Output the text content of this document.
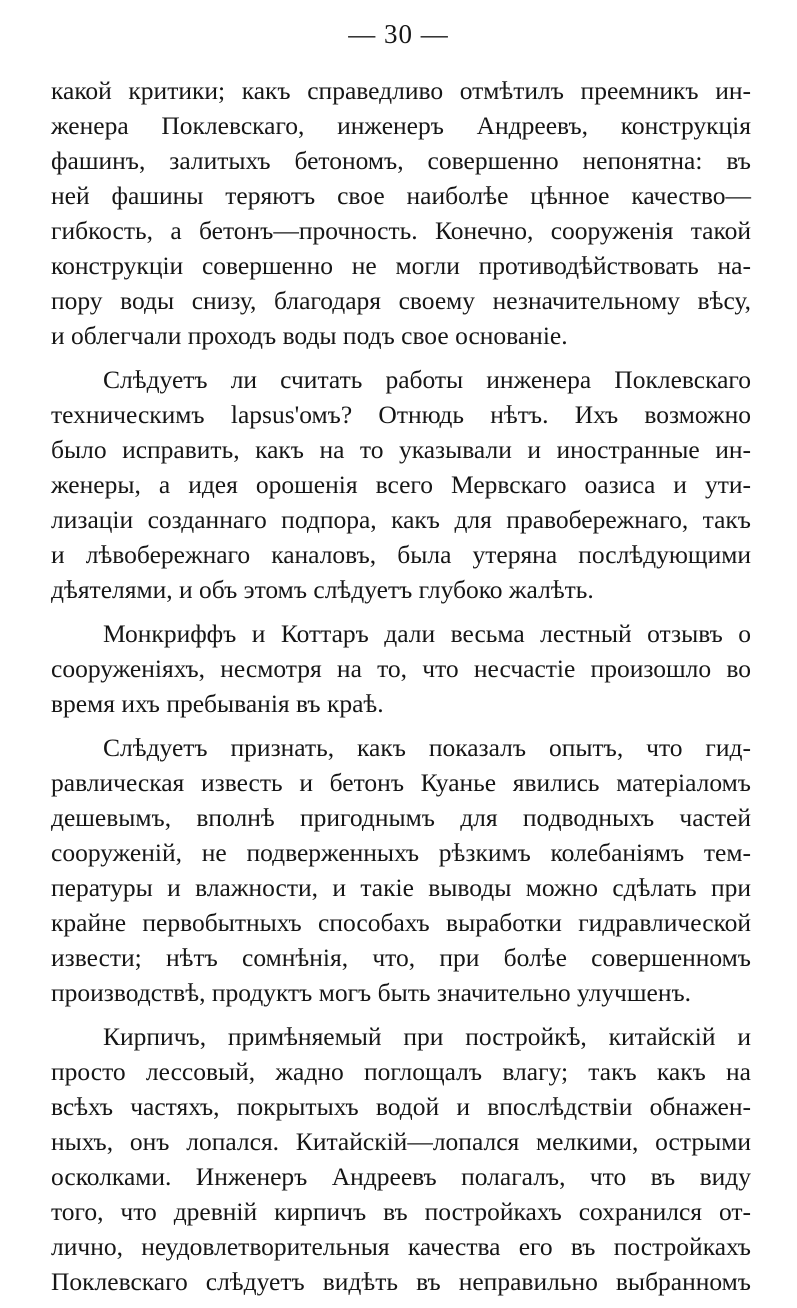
— 30 —
какой критики; какъ справедливо отмѣтилъ преемникъ ин-
женера Поклевскаго, инженеръ Андреевъ, конструкція
фашинъ, залитыхъ бетономъ, совершенно непонятна: въ
ней фашины теряютъ свое наиболѣе цѣнное качество—
гибкость, а бетонъ—прочность. Конечно, сооруженія такой
конструкціи совершенно не могли противодѣйствовать на-
пору воды снизу, благодаря своему незначительному вѣсу,
и облегчали проходъ воды подъ свое основаніе.
Слѣдуетъ ли считать работы инженера Поклевскаго
техническимъ lapsus'омъ? Отнюдь нѣтъ. Ихъ возможно
было исправить, какъ на то указывали и иностранные ин-
женеры, а идея орошенія всего Мервскаго оазиса и ути-
лизаціи созданнаго подпора, какъ для правобережнаго, такъ
и лѣвобережнаго каналовъ, была утеряна послѣдующими
дѣятелями, и объ этомъ слѣдуетъ глубоко жалѣть.
Монкриффъ и Коттаръ дали весьма лестный отзывъ о
сооруженіяхъ, несмотря на то, что несчастіе произошло во
время ихъ пребыванія въ краѣ.
Слѣдуетъ признать, какъ показалъ опытъ, что гид-
равлическая известь и бетонъ Куанье явились матеріаломъ
дешевымъ, вполнѣ пригоднымъ для подводныхъ частей
сооруженій, не подверженныхъ рѣзкимъ колебаніямъ тем-
пературы и влажности, и такіе выводы можно сдѣлать при
крайне первобытныхъ способахъ выработки гидравлической
извести; нѣтъ сомнѣнія, что, при болѣе совершенномъ
производствѣ, продуктъ могъ быть значительно улучшенъ.
Кирпичъ, примѣняемый при постройкѣ, китайскій и
просто лессовый, жадно поглощалъ влагу; такъ какъ на
всѣхъ частяхъ, покрытыхъ водой и впослѣдствіи обнажен-
ныхъ, онъ лопался. Китайскій—лопался мелкими, острыми
осколками. Инженеръ Андреевъ полагалъ, что въ виду
того, что древній кирпичъ въ постройкахъ сохранился от-
лично, неудовлетворительныя качества его въ постройкахъ
Поклевскаго слѣдуетъ видѣть въ неправильно выбранномъ
